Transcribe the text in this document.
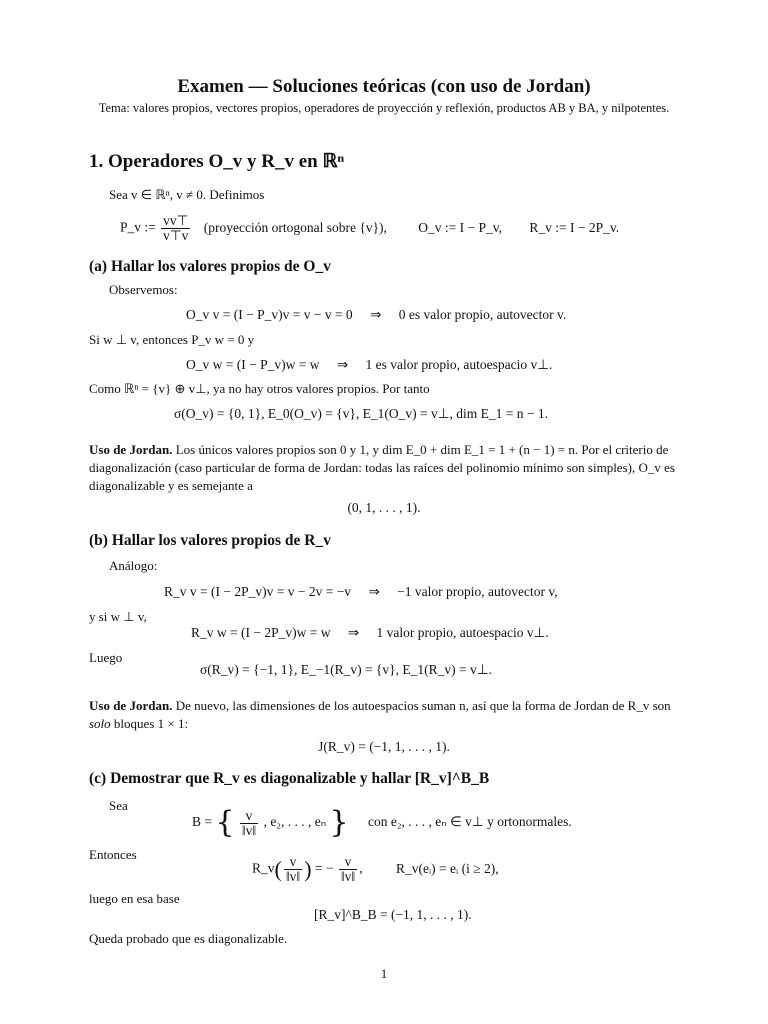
Examen — Soluciones teóricas (con uso de Jordan)
Tema: valores propios, vectores propios, operadores de proyección y reflexión, productos AB y BA, y nilpotentes.
1. Operadores O_v y R_v en ℝⁿ
Sea v ∈ ℝⁿ, v ≠ 0. Definimos
P_v := $\frac{vv⊤}{v⊤v}$ (proyección ortogonal sobre {v}), O_v := I − P_v, R_v := I − 2P_v.
(a) Hallar los valores propios de O_v
Observemos:
O_v v = (I − P_v)v = v − v = 0 ⇒ 0 es valor propio, autovector v.
Si w ⊥ v, entonces P_v w = 0 y
O_v w = (I − P_v)w = w ⇒ 1 es valor propio, autoespacio v⊥.
Como ℝⁿ = {v} ⊕ v⊥, ya no hay otros valores propios. Por tanto
σ(O_v) = {0, 1}, E_0(O_v) = {v}, E_1(O_v) = v⊥, dim E_1 = n − 1.
Uso de Jordan. Los únicos valores propios son 0 y 1, y dim E_0 + dim E_1 = 1 + (n − 1) = n. Por el criterio de diagonalización (caso particular de forma de Jordan: todas las raíces del polinomio mínimo son simples), O_v es diagonalizable y es semejante a
(0, 1, . . . , 1).
(b) Hallar los valores propios de R_v
Análogo:
R_v v = (I − 2P_v)v = v − 2v = −v ⇒ −1 valor propio, autovector v,
y si w ⊥ v,
R_v w = (I − 2P_v)w = w ⇒ 1 valor propio, autoespacio v⊥.
Luego
σ(R_v) = {−1, 1}, E_−1(R_v) = {v}, E_1(R_v) = v⊥.
Uso de Jordan. De nuevo, las dimensiones de los autoespacios suman n, así que la forma de Jordan de R_v son solo bloques 1 × 1:
J(R_v) = (−1, 1, . . . , 1).
(c) Demostrar que R_v es diagonalizable y hallar [R_v]^B_B
Sea
B = { $\frac{v}{‖v‖}$ , e₂, . . . , eₙ } con e₂, . . . , eₙ ∈ v⊥ y ortonormales.
Entonces
R_v( $\frac{v}{‖v‖}$ ) = − $\frac{v}{‖v‖}$ , R_v(eᵢ) = eᵢ (i ≥ 2),
luego en esa base
[R_v]^B_B = (−1, 1, . . . , 1).
Queda probado que es diagonalizable.
1
